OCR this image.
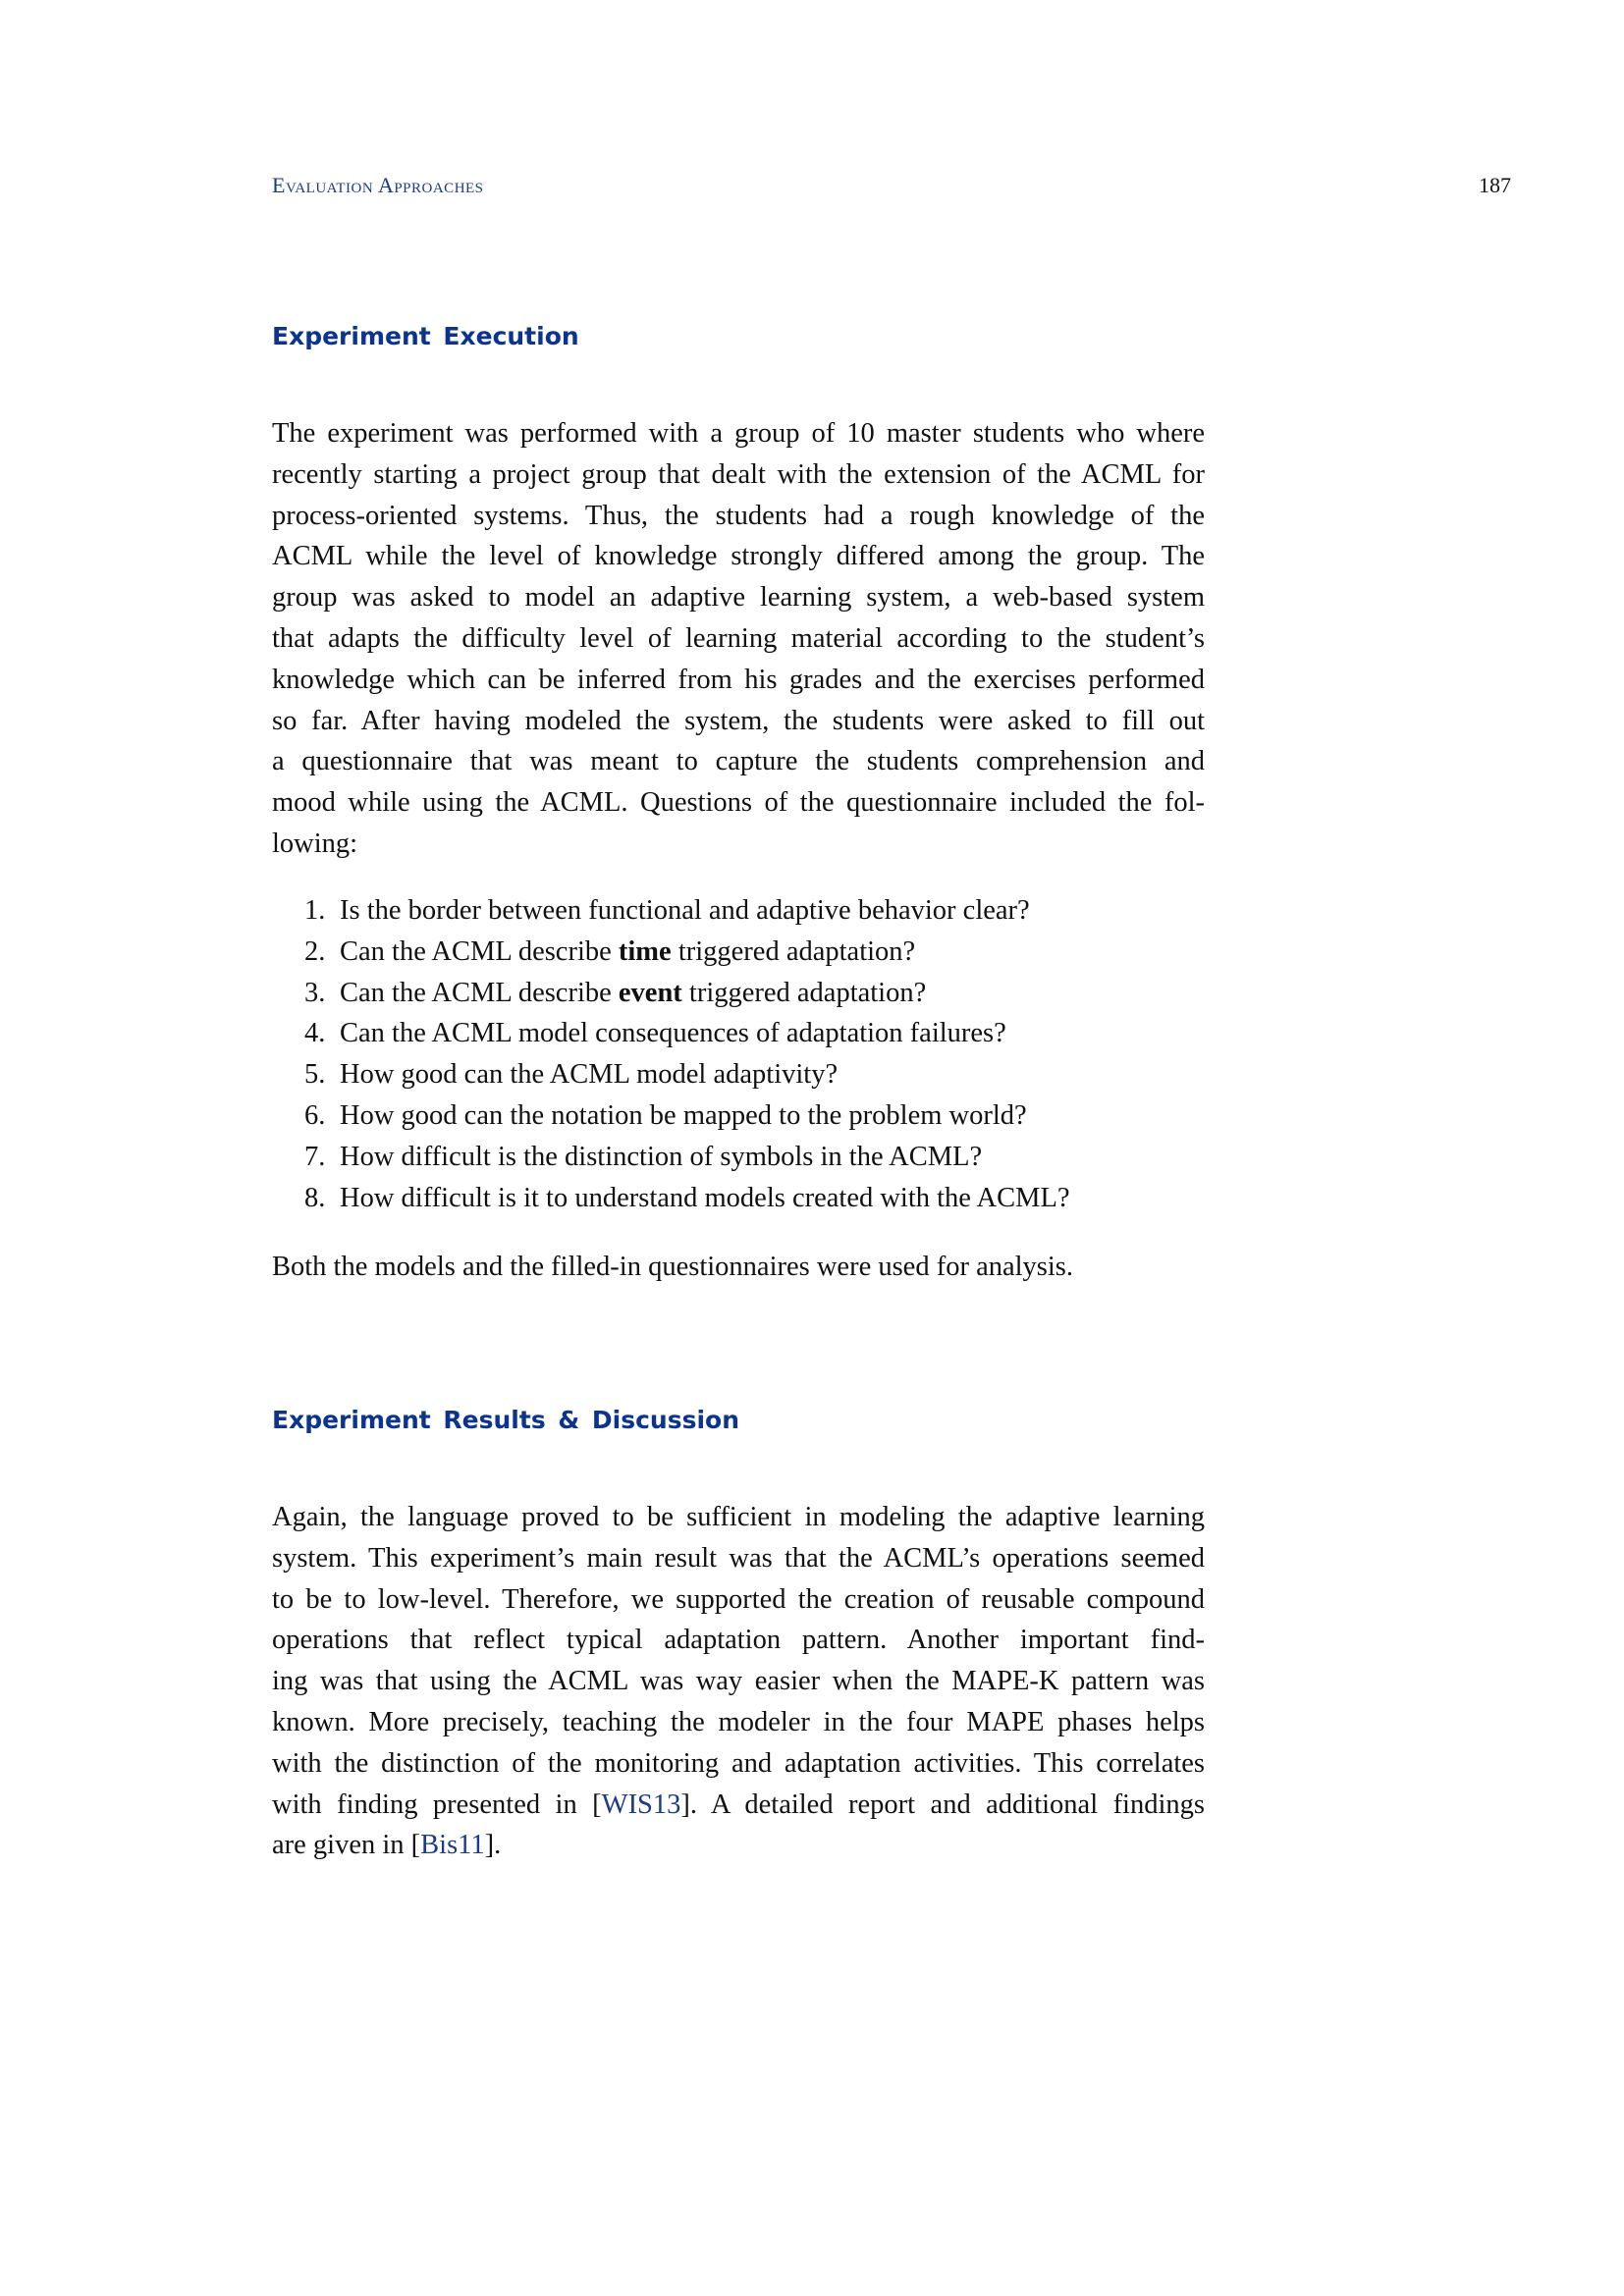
Evaluation Approaches	187
Experiment Execution
The experiment was performed with a group of 10 master students who where
recently starting a project group that dealt with the extension of the ACML for
process-oriented systems. Thus, the students had a rough knowledge of the
ACML while the level of knowledge strongly differed among the group. The
group was asked to model an adaptive learning system, a web-based system
that adapts the difficulty level of learning material according to the student’s
knowledge which can be inferred from his grades and the exercises performed
so far. After having modeled the system, the students were asked to fill out
a questionnaire that was meant to capture the students comprehension and
mood while using the ACML. Questions of the questionnaire included the fol-
lowing:
1. Is the border between functional and adaptive behavior clear?
2. Can the ACML describe time triggered adaptation?
3. Can the ACML describe event triggered adaptation?
4. Can the ACML model consequences of adaptation failures?
5. How good can the ACML model adaptivity?
6. How good can the notation be mapped to the problem world?
7. How difficult is the distinction of symbols in the ACML?
8. How difficult is it to understand models created with the ACML?
Both the models and the filled-in questionnaires were used for analysis.
Experiment Results & Discussion
Again, the language proved to be sufficient in modeling the adaptive learning
system. This experiment’s main result was that the ACML’s operations seemed
to be to low-level. Therefore, we supported the creation of reusable compound
operations that reflect typical adaptation pattern. Another important find-
ing was that using the ACML was way easier when the MAPE-K pattern was
known. More precisely, teaching the modeler in the four MAPE phases helps
with the distinction of the monitoring and adaptation activities. This correlates
with finding presented in [WIS13]. A detailed report and additional findings
are given in [Bis11].
